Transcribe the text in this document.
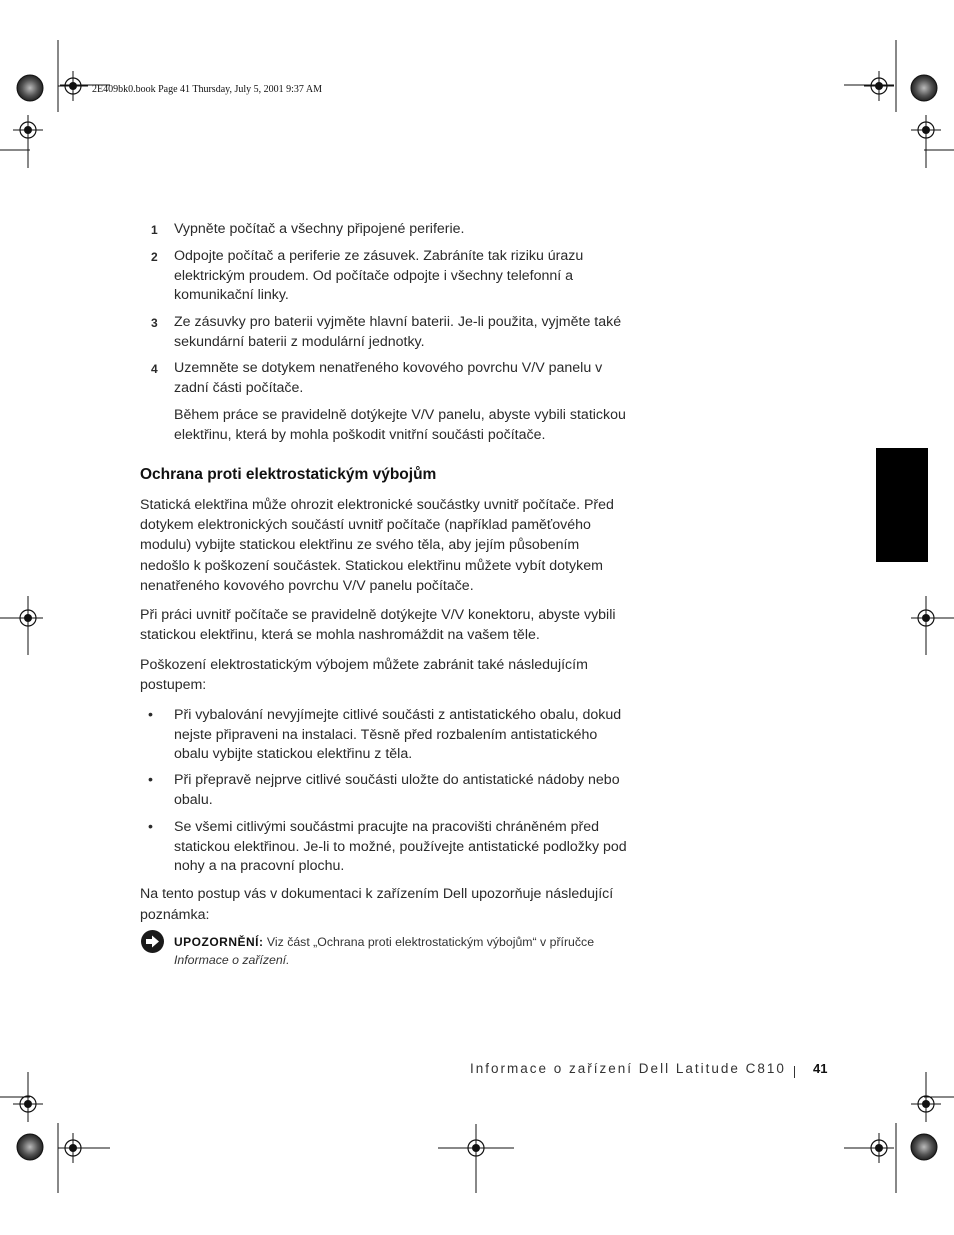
2E409bk0.book Page 41 Thursday, July 5, 2001 9:37 AM
1 Vypněte počítač a všechny připojené periferie.
2 Odpojte počítač a periferie ze zásuvek. Zabráníte tak riziku úrazu elektrickým proudem. Od počítače odpojte i všechny telefonní a komunikační linky.
3 Ze zásuvky pro baterii vyjměte hlavní baterii. Je-li použita, vyjměte také sekundární baterii z modulární jednotky.
4 Uzemněte se dotykem nenatřeného kovového povrchu V/V panelu v zadní části počítače.
Během práce se pravidelně dotýkejte V/V panelu, abyste vybili statickou elektřinu, která by mohla poškodit vnitřní součásti počítače.
Ochrana proti elektrostatickým výbojům
Statická elektřina může ohrozit elektronické součástky uvnitř počítače. Před dotykem elektronických součástí uvnitř počítače (například paměťového modulu) vybijte statickou elektřinu ze svého těla, aby jejím působením nedošlo k poškození součástek. Statickou elektřinu můžete vybít dotykem nenatřeného kovového povrchu V/V panelu počítače.
Při práci uvnitř počítače se pravidelně dotýkejte V/V konektoru, abyste vybili statickou elektřinu, která se mohla nashromáždit na vašem těle.
Poškození elektrostatickým výbojem můžete zabránit také následujícím postupem:
• Při vybalování nevyjímejte citlivé součásti z antistatického obalu, dokud nejste připraveni na instalaci. Těsně před rozbalením antistatického obalu vybijte statickou elektřinu z těla.
• Při přepravě nejprve citlivé součásti uložte do antistatické nádoby nebo obalu.
• Se všemi citlivými součástmi pracujte na pracovišti chráněném před statickou elektřinou. Je-li to možné, používejte antistatické podložky pod nohy a na pracovní plochu.
Na tento postup vás v dokumentaci k zařízením Dell upozorňuje následující poznámka:
UPOZORNĚNÍ: Viz část „Ochrana proti elektrostatickým výbojům“ v příručce
Informace o zařízení.
Informace o zařízení Dell Latitude C810 41
